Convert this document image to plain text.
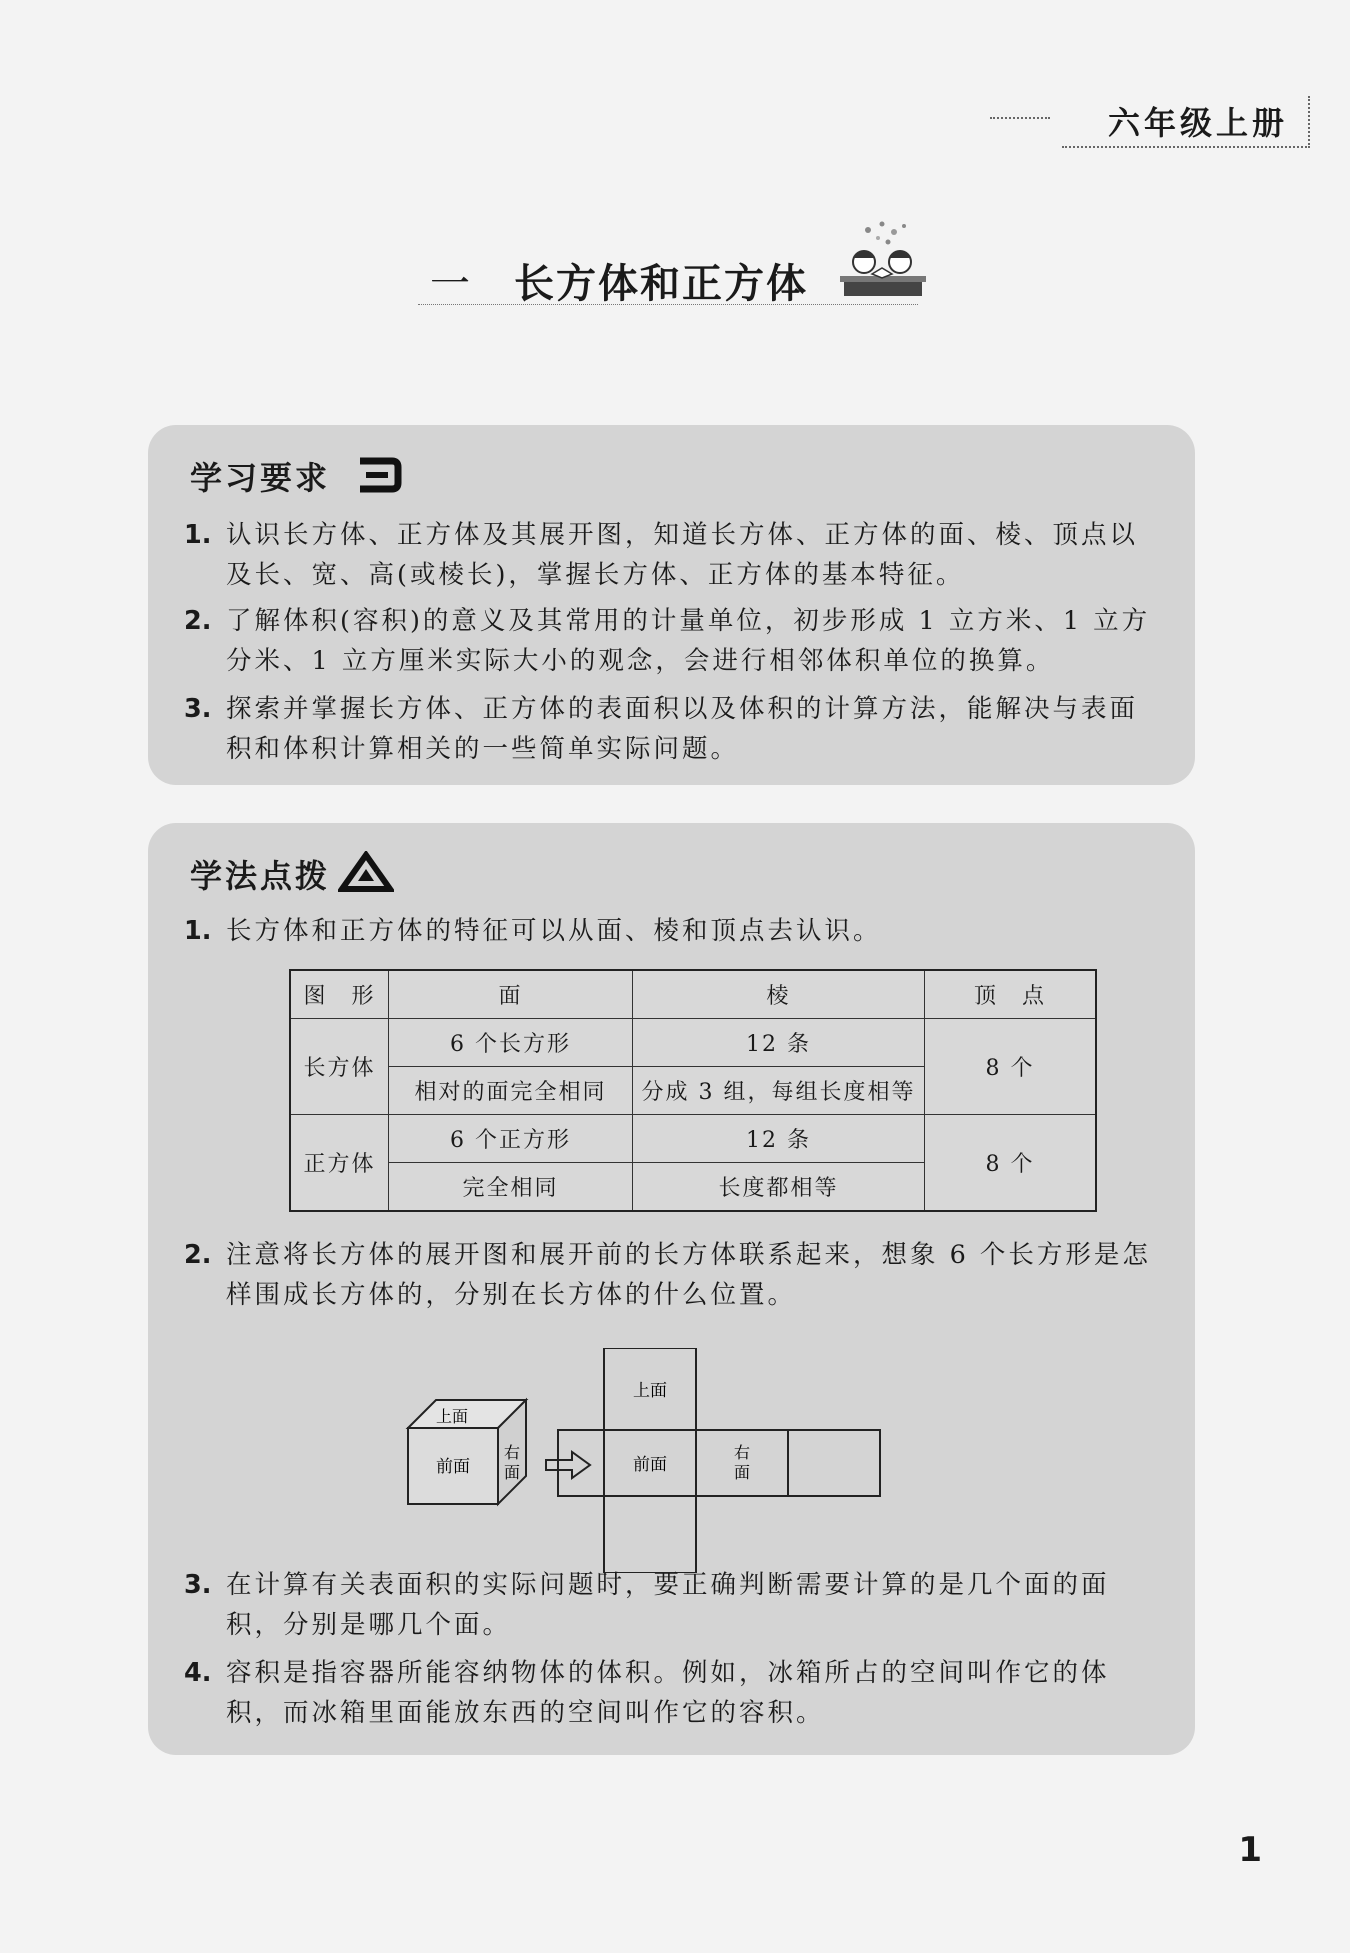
六年级上册
一 长方体和正方体
学习要求
1. 认识长方体、正方体及其展开图，知道长方体、正方体的面、棱、顶点以及长、宽、高(或棱长)，掌握长方体、正方体的基本特征。
2. 了解体积(容积)的意义及其常用的计量单位，初步形成 1 立方米、1 立方分米、1 立方厘米实际大小的观念，会进行相邻体积单位的换算。
3. 探索并掌握长方体、正方体的表面积以及体积的计算方法，能解决与表面积和体积计算相关的一些简单实际问题。
学法点拨
1. 长方体和正方体的特征可以从面、棱和顶点去认识。
图　形	面	棱	顶　点
长方体	6 个长方形	12 条	8 个
	相对的面完全相同	分成 3 组，每组长度相等	
正方体	6 个正方形	12 条	8 个
	完全相同	长度都相等	
2. 注意将长方体的展开图和展开前的长方体联系起来，想象 6 个长方形是怎样围成长方体的，分别在长方体的什么位置。
上面
前面
右
面
上面
前面
右
面
3. 在计算有关表面积的实际问题时，要正确判断需要计算的是几个面的面积，分别是哪几个面。
4. 容积是指容器所能容纳物体的体积。例如，冰箱所占的空间叫作它的体积，而冰箱里面能放东西的空间叫作它的容积。
1
